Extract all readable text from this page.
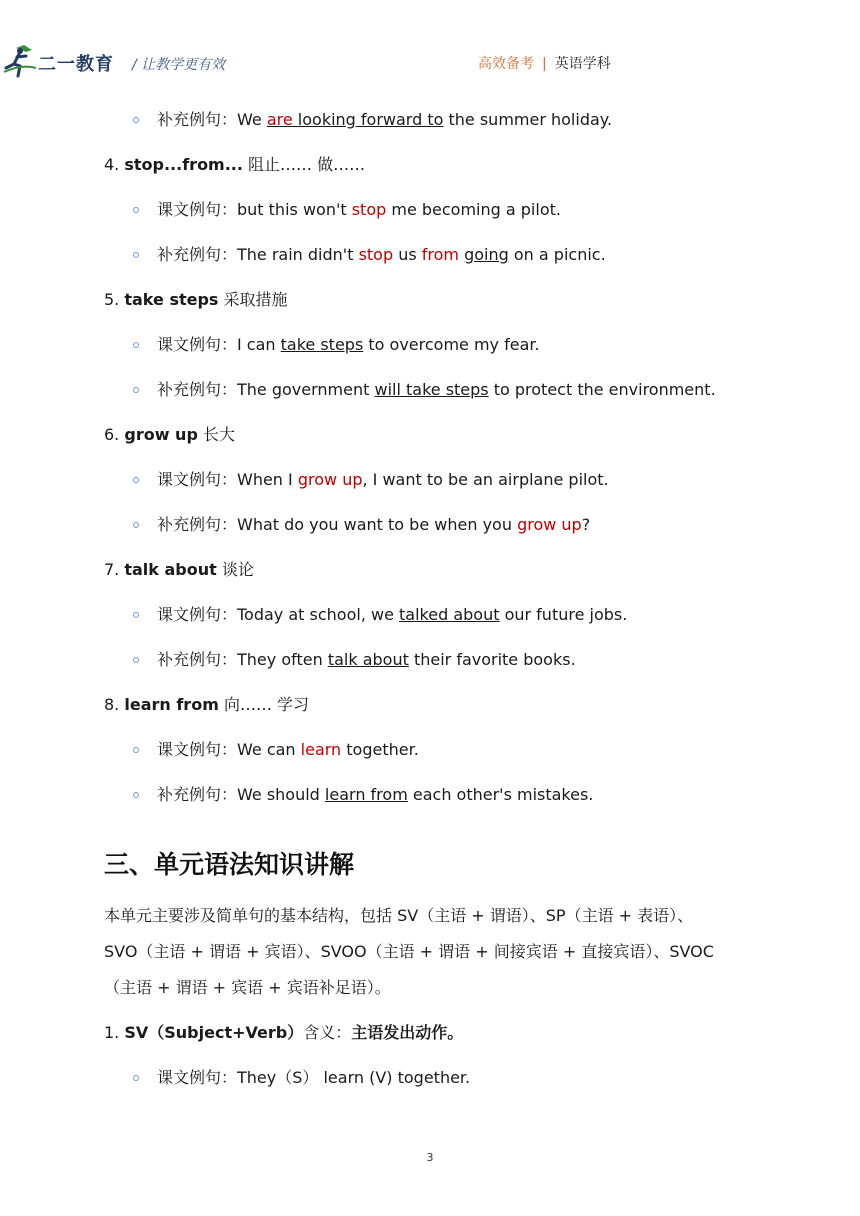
二一教育 / 让教学更有效	高效备考 | 英语学科
补充例句：We are looking forward to the summer holiday.
4. stop...from... 阻止…… 做……
课文例句：but this won't stop me becoming a pilot.
补充例句：The rain didn't stop us from going on a picnic.
5. take steps 采取措施
课文例句：I can take steps to overcome my fear.
补充例句：The government will take steps to protect the environment.
6. grow up 长大
课文例句：When I grow up, I want to be an airplane pilot.
补充例句：What do you want to be when you grow up?
7. talk about 谈论
课文例句：Today at school, we talked about our future jobs.
补充例句：They often talk about their favorite books.
8. learn from 向…… 学习
课文例句：We can learn together.
补充例句：We should learn from each other's mistakes.
三、单元语法知识讲解
本单元主要涉及简单句的基本结构，包括 SV（主语 + 谓语）、SP（主语 + 表语）、
SVO（主语 + 谓语 + 宾语）、SVOO（主语 + 谓语 + 间接宾语 + 直接宾语）、SVOC
（主语 + 谓语 + 宾语 + 宾语补足语）。
1. SV（Subject+Verb）含义：主语发出动作。
课文例句：They（S） learn (V) together.
3
